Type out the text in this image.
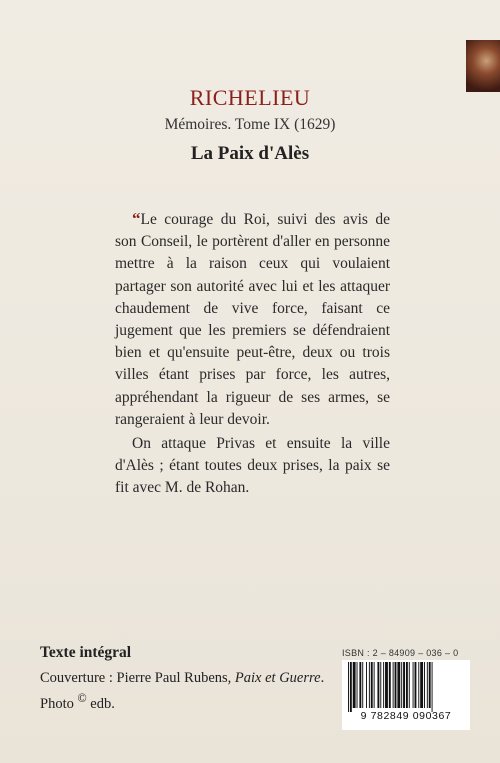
RICHELIEU
Mémoires. Tome IX (1629)
La Paix d'Alès

“Le courage du Roi, suivi des avis de son Conseil, le portèrent d'aller en personne mettre à la raison ceux qui voulaient partager son autorité avec lui et les attaquer chaudement de vive force, faisant ce jugement que les premiers se défendraient bien et qu'ensuite peut-être, deux ou trois villes étant prises par force, les autres, appréhendant la rigueur de ses armes, se rangeraient à leur devoir.

On attaque Privas et ensuite la ville d'Alès ; étant toutes deux prises, la paix se fit avec M. de Rohan.

Texte intégral
Couverture : Pierre Paul Rubens, Paix et Guerre.
Photo © edb.
ISBN : 2 – 84909 – 036 – 0
9 782849 090367
